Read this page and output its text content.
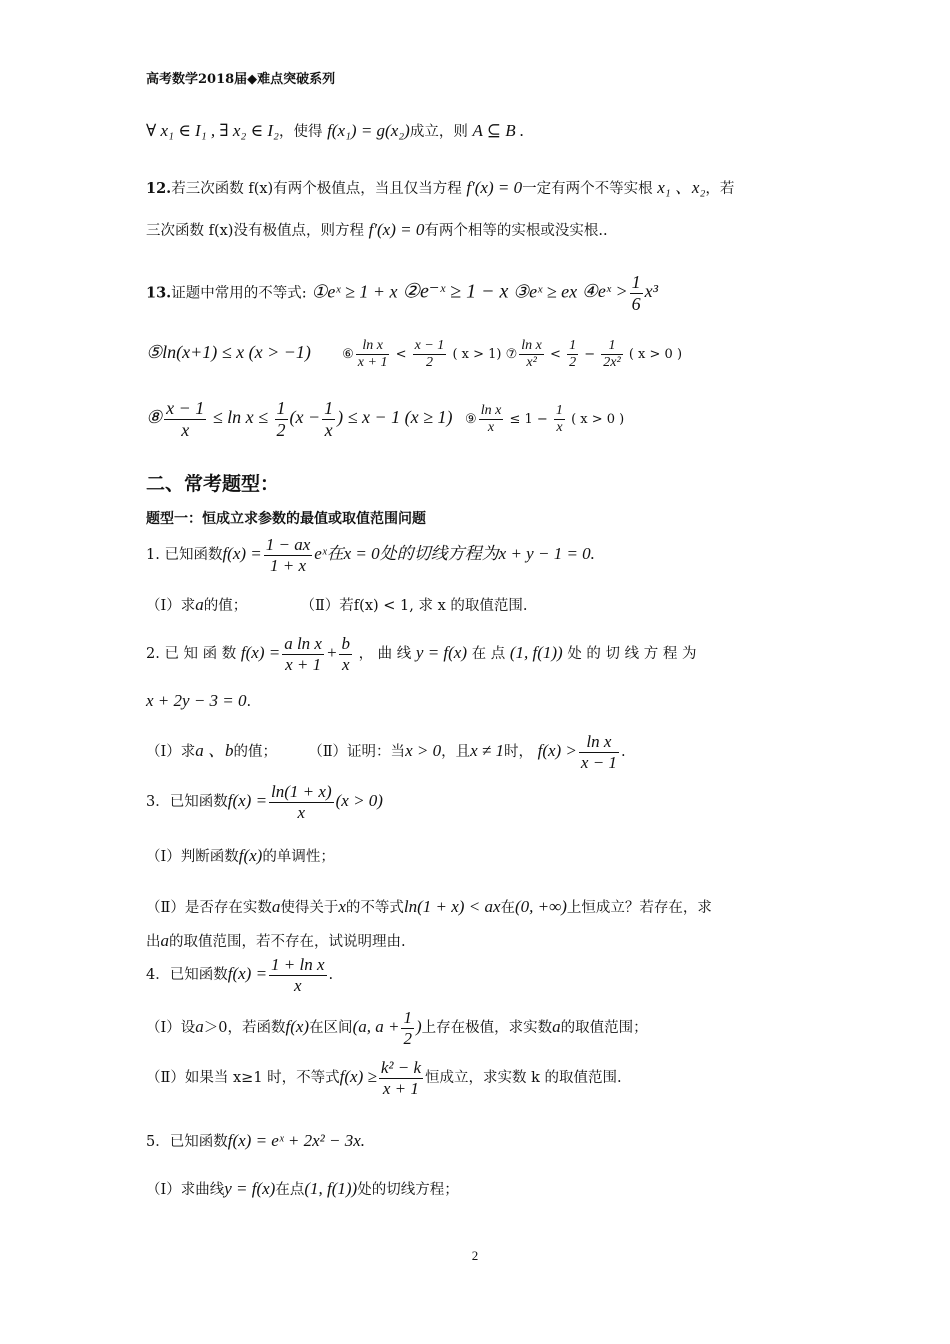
高考数学2018届◆难点突破系列
∀ x₁ ∈ I₁ , ∃ x₂ ∈ I₂，使得 f(x₁) = g(x₂)成立，则 A ⊆ B .
12.若三次函数 f(x)有两个极值点，当且仅当方程 f′(x) = 0一定有两个不等实根 x₁ 、x₂，若
三次函数 f(x)没有极值点，则方程 f′(x) = 0有两个相等的实根或没实根..
13.证题中常用的不等式: ①eˣ ≥ 1 + x ②e⁻ˣ ≥ 1 − x ③eˣ ≥ ex ④eˣ > $\frac{1}{6} x^3$
⑤ln(x+1) ≤ x (x > −1) ⑥ $\frac{\text{ln x}}{x + 1} < \frac{x - 1}{2}$ ( x > 1) ⑦ $\frac{\text{ln x}}{\text{x²}} < \frac{1}{2} - \frac{1}{\text{2x²}}$ ( x > 0 )
⑧ $\frac{x - 1}{x} \le \ln x \le \frac{1}{2} (x - \frac{1}{x}$ ) ≤ x − 1 (x ≥ 1) ⑨ $\frac{\text{ln x}}{x} \le 1 - \frac{1}{x}$ ( x > 0 )
二、常考题型：
题型一：恒成立求参数的最值或取值范围问题
1. 已知函数$f(x) = \frac{1 - ax}{1 + x}$ eˣ在x = 0处的切线方程为x + y − 1 = 0.
（Ⅰ）求a的值；	（Ⅱ）若f(x) < 1, 求 x 的取值范围.
2. 已 知 函 数 $f(x) = \frac{\text{a ln x}}{x + 1} + \frac{b}{x}$ ， 曲 线 y = f(x) 在 点 (1, f(1)) 处 的 切 线 方 程 为
x + 2y − 3 = 0.
（Ⅰ）求a 、b的值； （Ⅱ）证明：当x > 0，且x ≠ 1时， $f(x) > \frac{\text{ln x}}{x - 1}$ .
3．已知函数$f(x) = \frac{\ln(1 + x)}{x} (x > 0)$
（Ⅰ）判断函数f(x)的单调性；
（Ⅱ）是否存在实数a使得关于x的不等式ln(1 + x) < ax在(0, +∞)上恒成立？若存在，求
出a的取值范围，若不存在，试说明理由.
4．已知函数$f(x) = \frac{\text{1 + ln x}}{x}$ .
（Ⅰ）设a＞0，若函数f(x)在区间(a, $a + \frac{1}{2}$ )上存在极值，求实数a的取值范围；
（Ⅱ）如果当 x≥1 时，不等式$f(x) \ge \frac{\text{k² − k}}{x + 1}$ 恒成立，求实数 k 的取值范围.
5．已知函数f(x) = eˣ + 2x² − 3x.
（Ⅰ）求曲线y = f(x)在点(1, f(1))处的切线方程；
2
